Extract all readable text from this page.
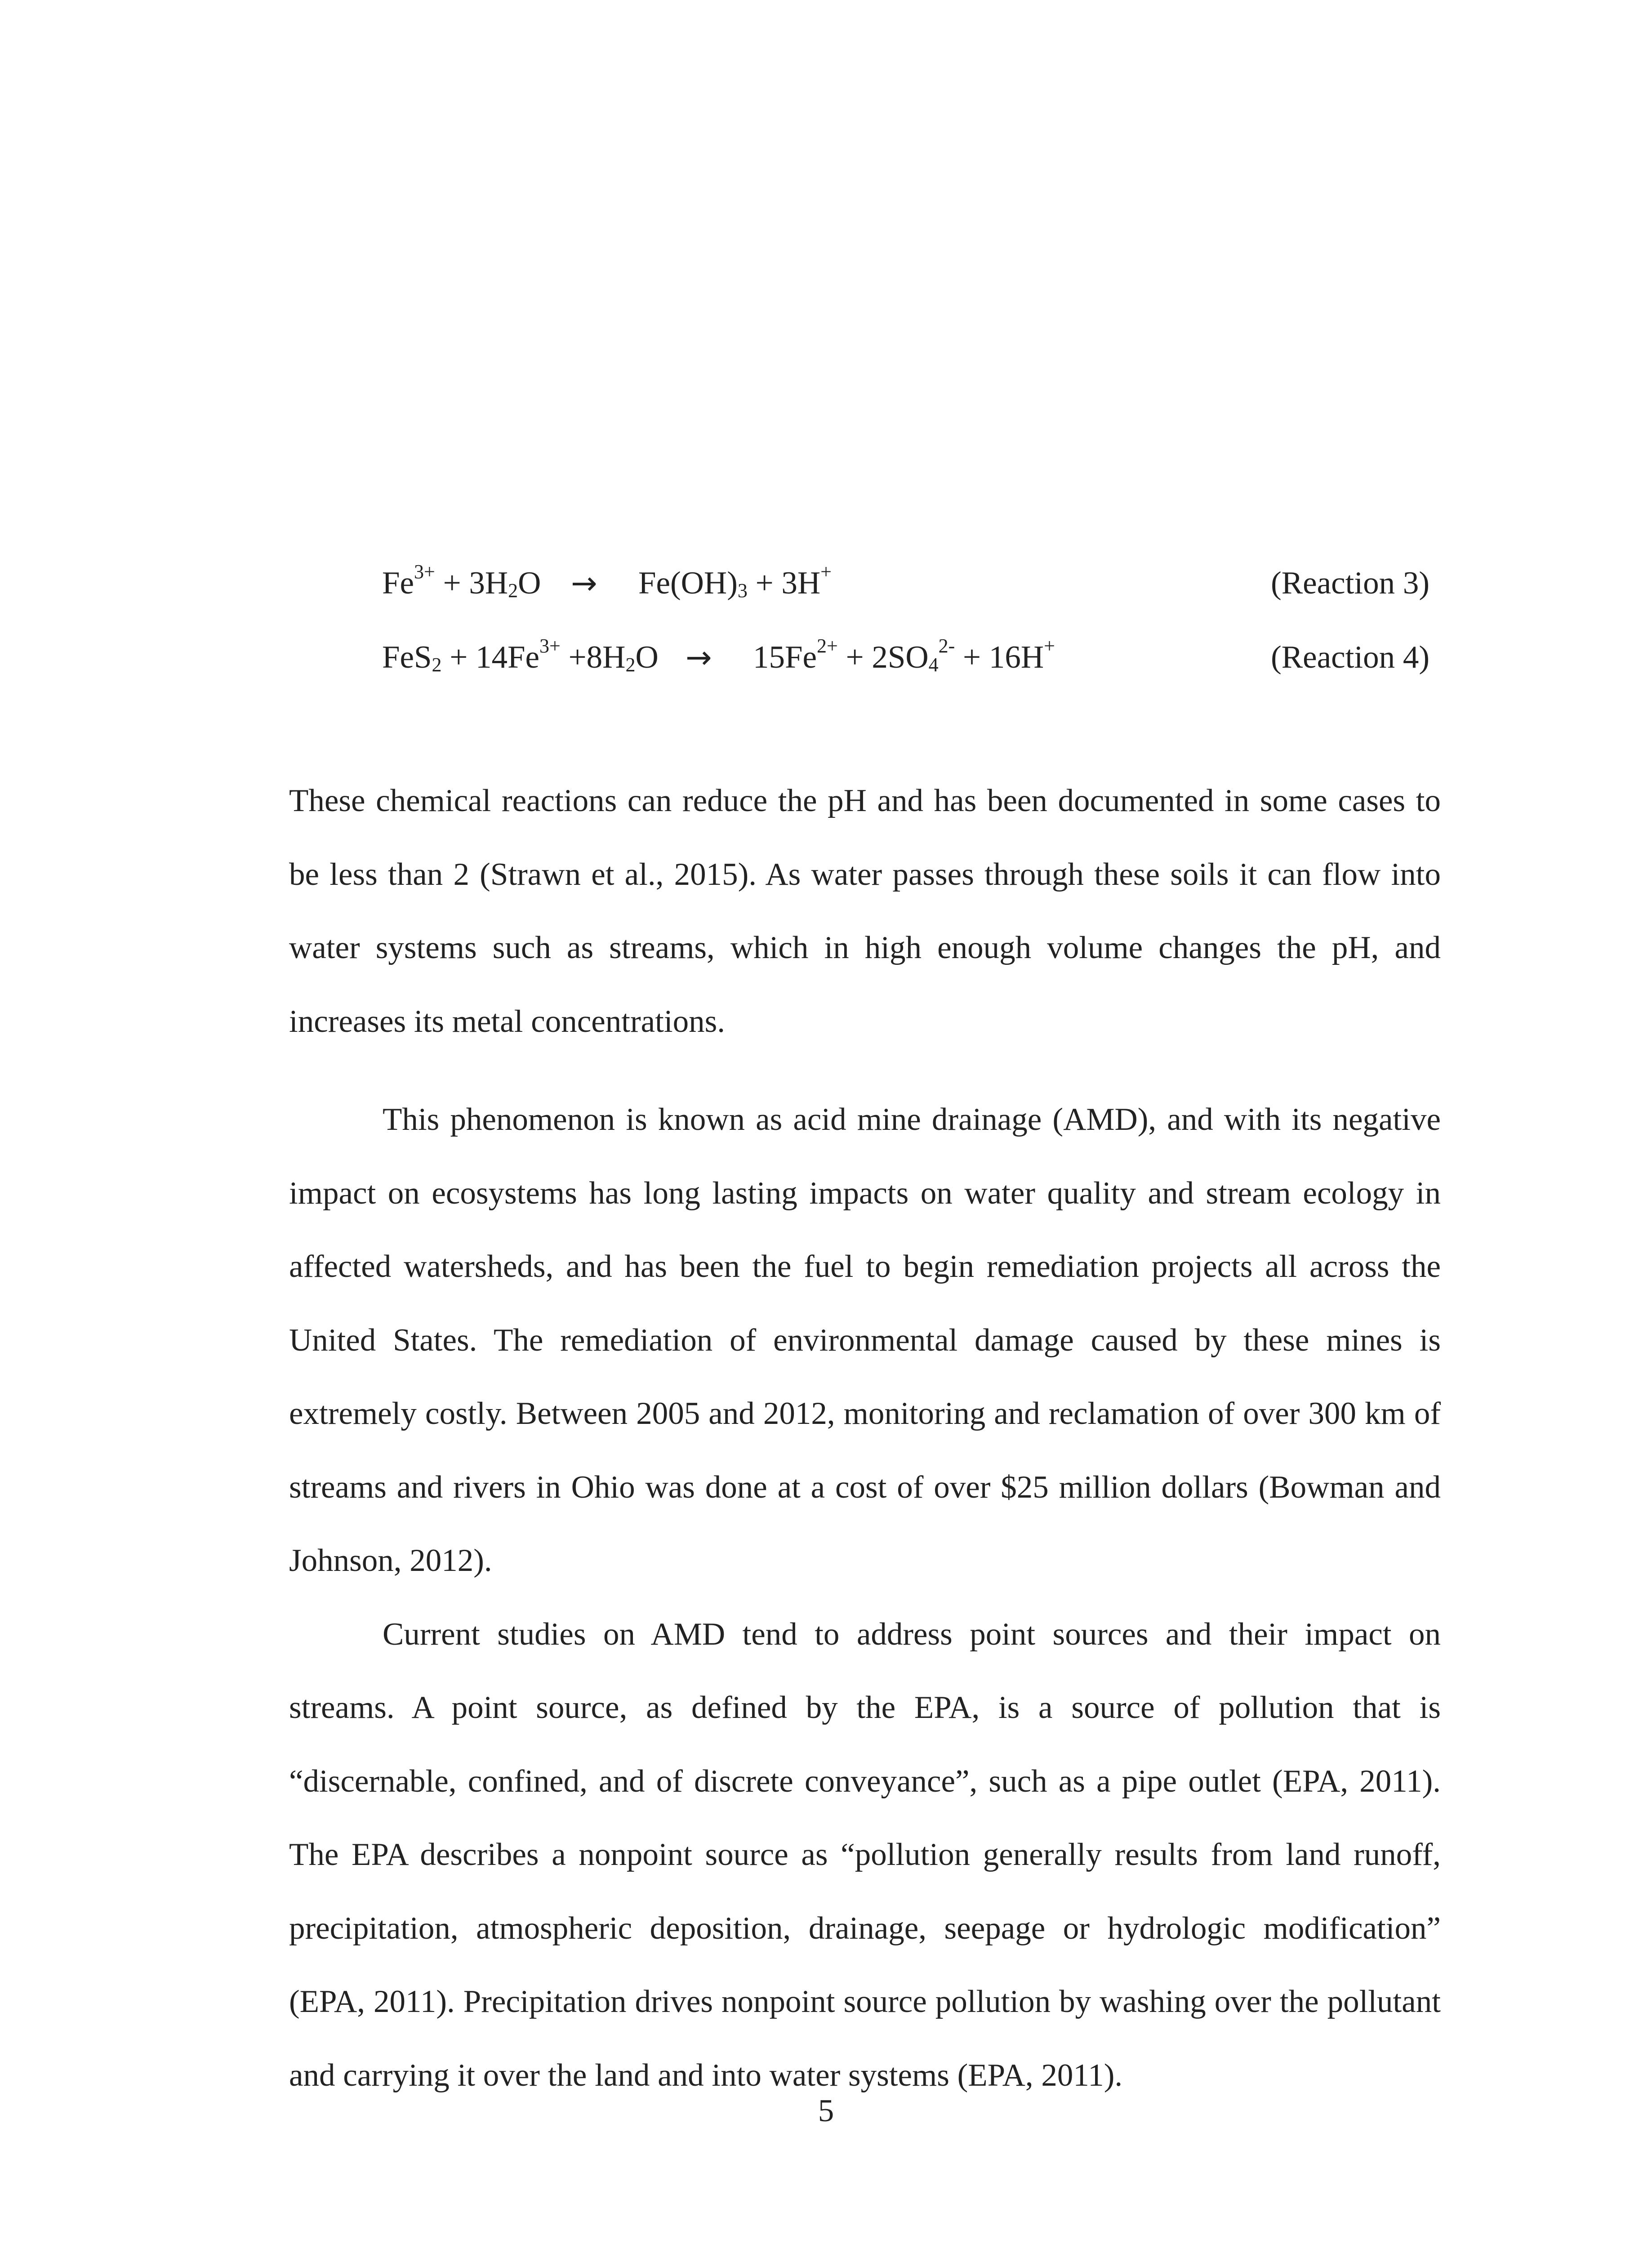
$Fe^{3+} + 3H_2O \to Fe(OH)_3 + 3H^+$	(Reaction 3)
$FeS_2 + 14Fe^{3+} +8H_2O \to 15Fe^{2+} + 2SO_4^{2-} + 16H^+$	(Reaction 4)

These chemical reactions can reduce the pH and has been documented in some cases to be less than 2 (Strawn et al., 2015). As water passes through these soils it can flow into water systems such as streams, which in high enough volume changes the pH, and increases its metal concentrations.

This phenomenon is known as acid mine drainage (AMD), and with its negative impact on ecosystems has long lasting impacts on water quality and stream ecology in affected watersheds, and has been the fuel to begin remediation projects all across the United States. The remediation of environmental damage caused by these mines is extremely costly. Between 2005 and 2012, monitoring and reclamation of over 300 km of streams and rivers in Ohio was done at a cost of over $25 million dollars (Bowman and Johnson, 2012).

Current studies on AMD tend to address point sources and their impact on streams. A point source, as defined by the EPA, is a source of pollution that is “discernable, confined, and of discrete conveyance”, such as a pipe outlet (EPA, 2011). The EPA describes a nonpoint source as “pollution generally results from land runoff, precipitation, atmospheric deposition, drainage, seepage or hydrologic modification” (EPA, 2011). Precipitation drives nonpoint source pollution by washing over the pollutant and carrying it over the land and into water systems (EPA, 2011).

5
